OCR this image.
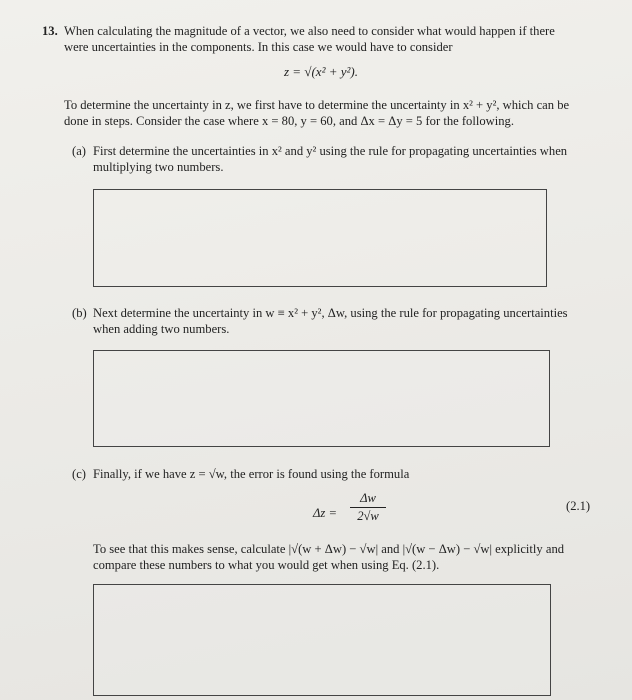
13. When calculating the magnitude of a vector, we also need to consider what would happen if there
were uncertainties in the components. In this case we would have to consider
z = √(x² + y²).
To determine the uncertainty in z, we first have to determine the uncertainty in x² + y², which can be
done in steps. Consider the case where x = 80, y = 60, and Δx = Δy = 5 for the following.
(a) First determine the uncertainties in x² and y² using the rule for propagating uncertainties when
multiplying two numbers.
(b) Next determine the uncertainty in w ≡ x² + y², Δw, using the rule for propagating uncertainties
when adding two numbers.
(c) Finally, if we have z = √w, the error is found using the formula
Δz =
Δw
2√w
(2.1)
To see that this makes sense, calculate |√(w + Δw) − √w| and |√(w − Δw) − √w| explicitly and
compare these numbers to what you would get when using Eq. (2.1).
